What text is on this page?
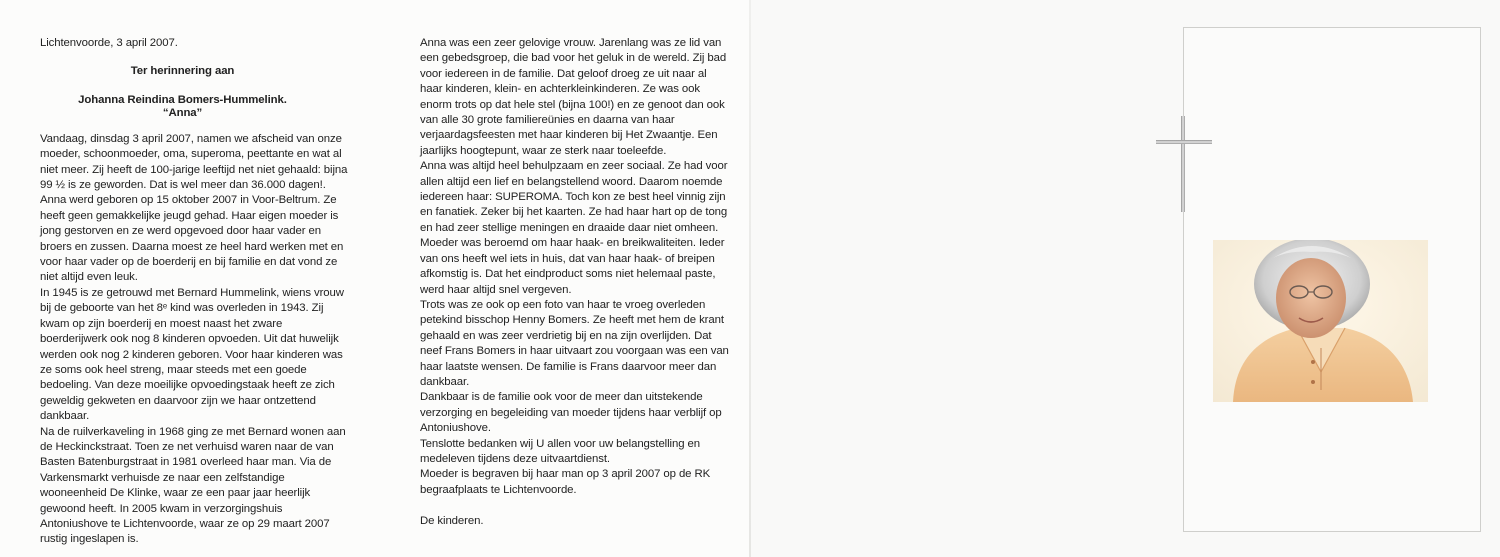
Lichtenvoorde, 3 april 2007.

Ter herinnering aan

Johanna Reindina Bomers-Hummelink.

“Anna”

Vandaag, dinsdag 3 april 2007, namen we afscheid van onze moeder, schoonmoeder, oma, superoma, peettante en wat al niet meer. Zij heeft de 100-jarige leeftijd net niet gehaald: bijna 99 ½ is ze geworden. Dat is wel meer dan 36.000 dagen!.

Anna werd geboren op 15 oktober 2007 in Voor-Beltrum. Ze heeft geen gemakkelijke jeugd gehad. Haar eigen moeder is jong gestorven en ze werd opgevoed door haar vader en broers en zussen. Daarna moest ze heel hard werken met en voor haar vader op de boerderij en bij familie en dat vond ze niet altijd even leuk.

In 1945 is ze getrouwd met Bernard Hummelink, wiens vrouw bij de geboorte van het 8ᵉ kind was overleden in 1943. Zij kwam op zijn boerderij en moest naast het zware boerderijwerk ook nog 8 kinderen opvoeden. Uit dat huwelijk werden ook nog 2 kinderen geboren. Voor haar kinderen was ze soms ook heel streng, maar steeds met een goede bedoeling. Van deze moeilijke opvoedingstaak heeft ze zich geweldig gekweten en daarvoor zijn we haar ontzettend dankbaar.

Na de ruilverkaveling in 1968 ging ze met Bernard wonen aan de Heckinckstraat. Toen ze net verhuisd waren naar de van Basten Batenburgstraat in 1981 overleed haar man. Via de Varkensmarkt verhuisde ze naar een zelfstandige wooneenheid De Klinke, waar ze een paar jaar heerlijk gewoond heeft. In 2005 kwam in verzorgingshuis Antoniushove te Lichtenvoorde, waar ze op 29 maart 2007 rustig ingeslapen is.

Anna was een zeer gelovige vrouw. Jarenlang was ze lid van een gebedsgroep, die bad voor het geluk in de wereld. Zij bad voor iedereen in de familie. Dat geloof droeg ze uit naar al haar kinderen, klein- en achterkleinkinderen. Ze was ook enorm trots op dat hele stel (bijna 100!) en ze genoot dan ook van alle 30 grote familiereünies en daarna van haar verjaardagsfeesten met haar kinderen bij Het Zwaantje. Een jaarlijks hoogtepunt, waar ze sterk naar toeleefde.

Anna was altijd heel behulpzaam en zeer sociaal. Ze had voor allen altijd een lief en belangstellend woord. Daarom noemde iedereen haar: SUPEROMA. Toch kon ze best heel vinnig zijn en fanatiek. Zeker bij het kaarten. Ze had haar hart op de tong en had zeer stellige meningen en draaide daar niet omheen.

Moeder was beroemd om haar haak- en breikwaliteiten. Ieder van ons heeft wel iets in huis, dat van haar haak- of breipen afkomstig is. Dat het eindproduct soms niet helemaal paste, werd haar altijd snel vergeven.

Trots was ze ook op een foto van haar te vroeg overleden petekind bisschop Henny Bomers. Ze heeft met hem de krant gehaald en was zeer verdrietig bij en na zijn overlijden. Dat neef Frans Bomers in haar uitvaart zou voorgaan was een van haar laatste wensen. De familie is Frans daarvoor meer dan dankbaar.

Dankbaar is de familie ook voor de meer dan uitstekende verzorging en begeleiding van moeder tijdens haar verblijf op Antoniushove.

Tenslotte bedanken wij U allen voor uw belangstelling en medeleven tijdens deze uitvaartdienst.

Moeder is begraven bij haar man op 3 april 2007 op de RK begraafplaats te Lichtenvoorde.

De kinderen.
